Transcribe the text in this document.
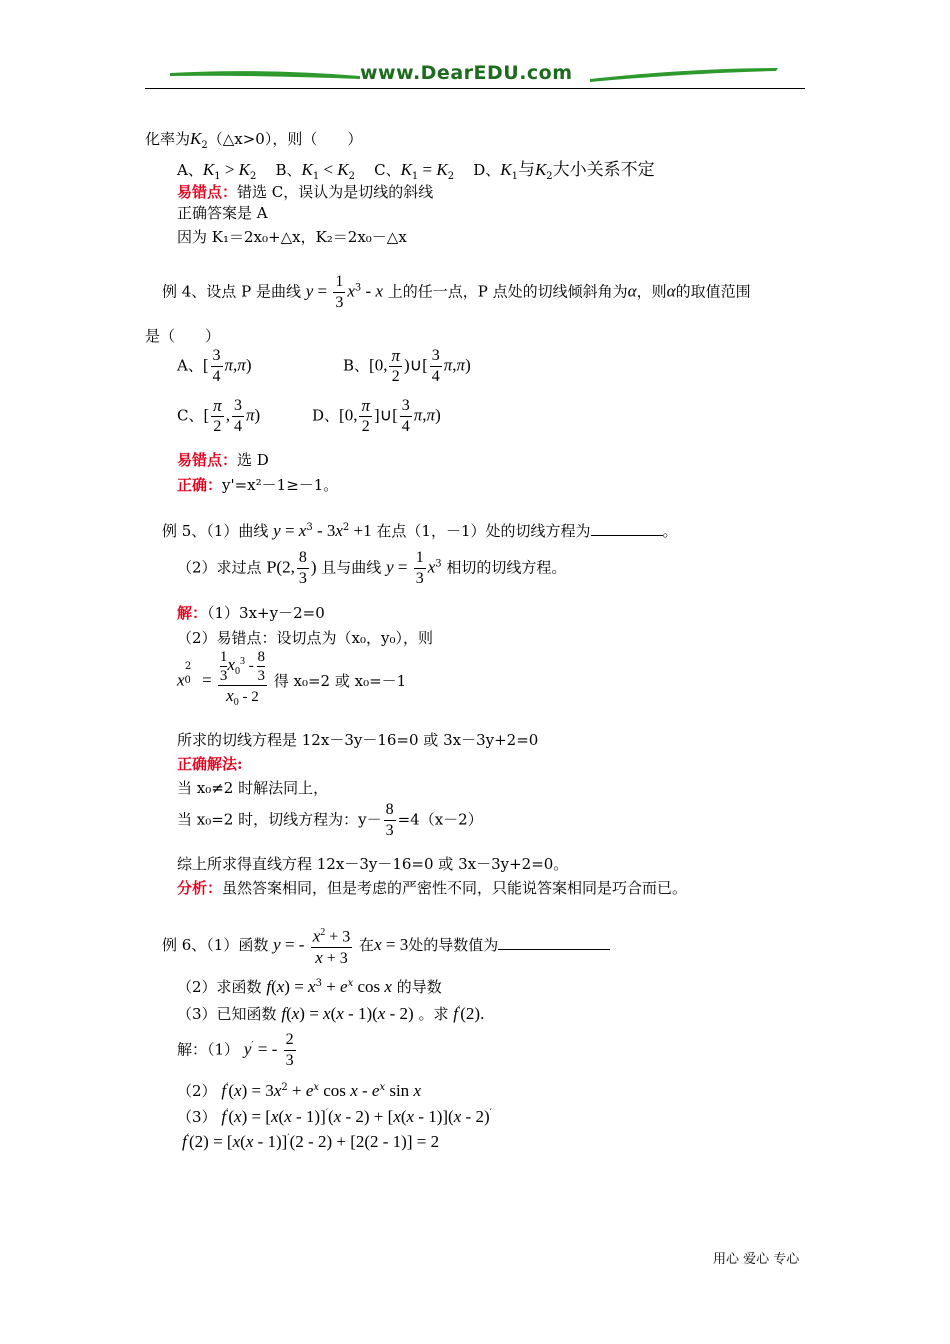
www.DearEDU.com
化率为$K_2(\triangle x>0)$，则（　　）
A、$K_1 > K_2$ B、$K_1 < K_2$ C、$K_1 = K_2$ D、$K_1$与$K_2$大小关系不定
易错点：错选 C，误认为是切线的斜线
正确答案是 A
因为 K₁＝2x₀+△x，K₂＝2x₀－△x
例 4、设点 P 是曲线 $y = \frac{1}{3} x^3 - x$ 上的任一点，P 点处的切线倾斜角为α，则α的取值范围
是（　　）
A、[ $\frac{3}{4} \pi,\pi$)	B、[0, $\frac{\pi}{2}$ )∪[ $\frac{3}{4} \pi,\pi$)
C、[ $\frac{\pi}{2}$ , $\frac{3}{4} \pi$)	D、[0, $\frac{\pi}{2}$ ]∪[ $\frac{3}{4} \pi,\pi$)
易错点：选 D
正确：y'=x²－1≥－1。
例 5、（1）曲线 $y = x^3 - 3x^2 +1$ 在点（1，－1）处的切线方程为	。
（2）求过点 P(2, $\frac{8}{3}$ ) 且与曲线 $y = \frac{1}{3} x^3$ 相切的切线方程。
解：（1）3x+y－2=0
（2）易错点：设切点为（x₀，y₀），则
$x0^2 = \frac{\frac{1}{3} x_0^3 - \frac{8}{3}}{x_0 - 2}$ 得 x₀=2 或 x₀=－1
所求的切线方程是 12x－3y－16=0 或 3x－3y+2=0
正确解法:
当 x₀≠2 时解法同上，
当 x₀=2 时，切线方程为：$y- \frac{8}{3} =4(x-2)$
综上所求得直线方程 12x－3y－16=0 或 3x－3y+2=0。
分析：虽然答案相同，但是考虑的严密性不同，只能说答案相同是巧合而已。
例 6、（1）函数 y = - $\frac{x^2 + 3}{x + 3}$ 在x = 3处的导数值为
（2）求函数 $f(x) = x^3 + e^x$ cos x 的导数
（3）已知函数 f(x) = x(x - 1)(x - 2) 。求 f′(2).
解：（1） y′ = - $\frac{2}{3}$
（2） $f'(x) = 3x^2 + e^x$ cos x - $e^x$ sin x
（3） f′(x) = [x(x - 1)]′(x - 2) + [x(x - 1)](x - 2)′
f′(2) = [x(x - 1)]′(2 - 2) + [2(2 - 1)] = 2
用心 爱心 专心
